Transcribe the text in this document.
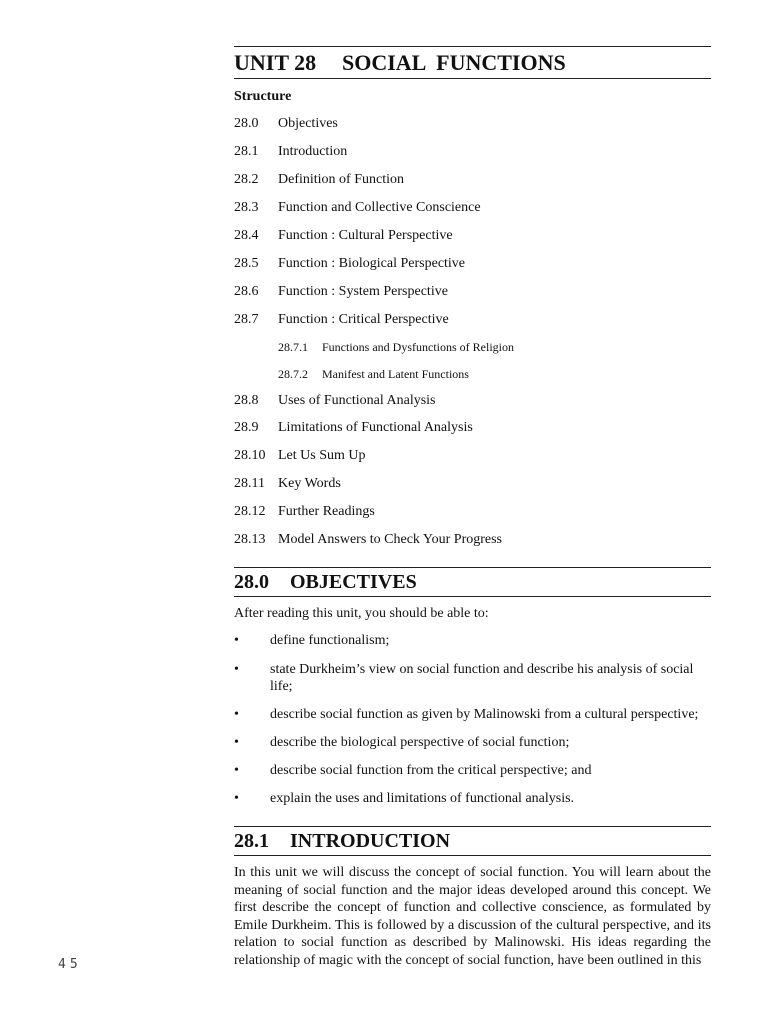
UNIT 28 SOCIAL  FUNCTIONS
Structure
28.0 Objectives
28.1 Introduction
28.2 Definition of Function
28.3 Function and Collective Conscience
28.4 Function : Cultural Perspective
28.5 Function : Biological Perspective
28.6 Function : System Perspective
28.7 Function : Critical Perspective
28.7.1 Functions and Dysfunctions of Religion
28.7.2 Manifest and Latent Functions
28.8 Uses of Functional Analysis
28.9 Limitations of Functional Analysis
28.10 Let Us Sum Up
28.11 Key Words
28.12 Further Readings
28.13 Model Answers to Check Your Progress
28.0 OBJECTIVES
After reading this unit, you should be able to:
• define functionalism;
• state Durkheim’s view on social function and describe his analysis of social life;
• describe social function as given by Malinowski from a cultural perspective;
• describe the biological perspective of social function;
• describe social function from the critical perspective; and
• explain the uses and limitations of functional analysis.
28.1 INTRODUCTION
In this unit we will discuss the concept of social function. You will learn about the meaning of social function and the major ideas developed around this concept. We first describe the concept of function and collective conscience, as formulated by Emile Durkheim. This is followed by a discussion of the cultural perspective, and its relation to social function as described by Malinowski. His ideas regarding the relationship of magic with the concept of social function, have been outlined in this
45
